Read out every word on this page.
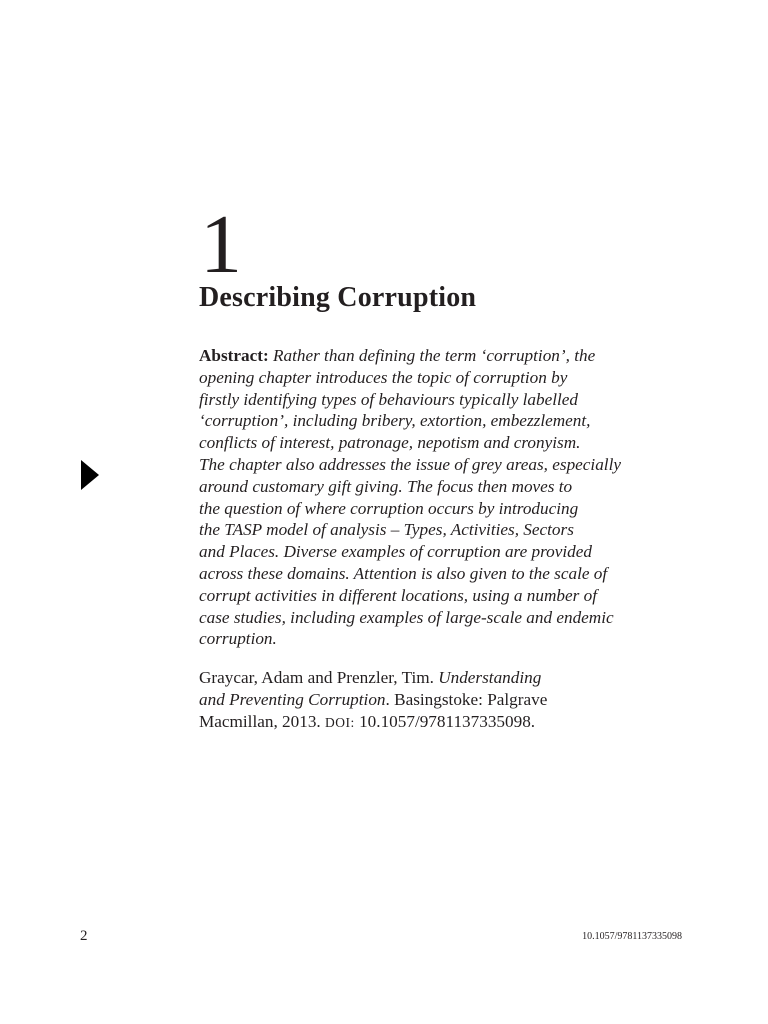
1
Describing Corruption

Abstract: Rather than defining the term ‘corruption’, the
opening chapter introduces the topic of corruption by
firstly identifying types of behaviours typically labelled
‘corruption’, including bribery, extortion, embezzlement,
conflicts of interest, patronage, nepotism and cronyism.
The chapter also addresses the issue of grey areas, especially
around customary gift giving. The focus then moves to
the question of where corruption occurs by introducing
the TASP model of analysis – Types, Activities, Sectors
and Places. Diverse examples of corruption are provided
across these domains. Attention is also given to the scale of
corrupt activities in different locations, using a number of
case studies, including examples of large-scale and endemic
corruption.

Graycar, Adam and Prenzler, Tim. Understanding
and Preventing Corruption. Basingstoke: Palgrave
Macmillan, 2013. DOI: 10.1057/9781137335098.

2	10.1057/9781137335098
